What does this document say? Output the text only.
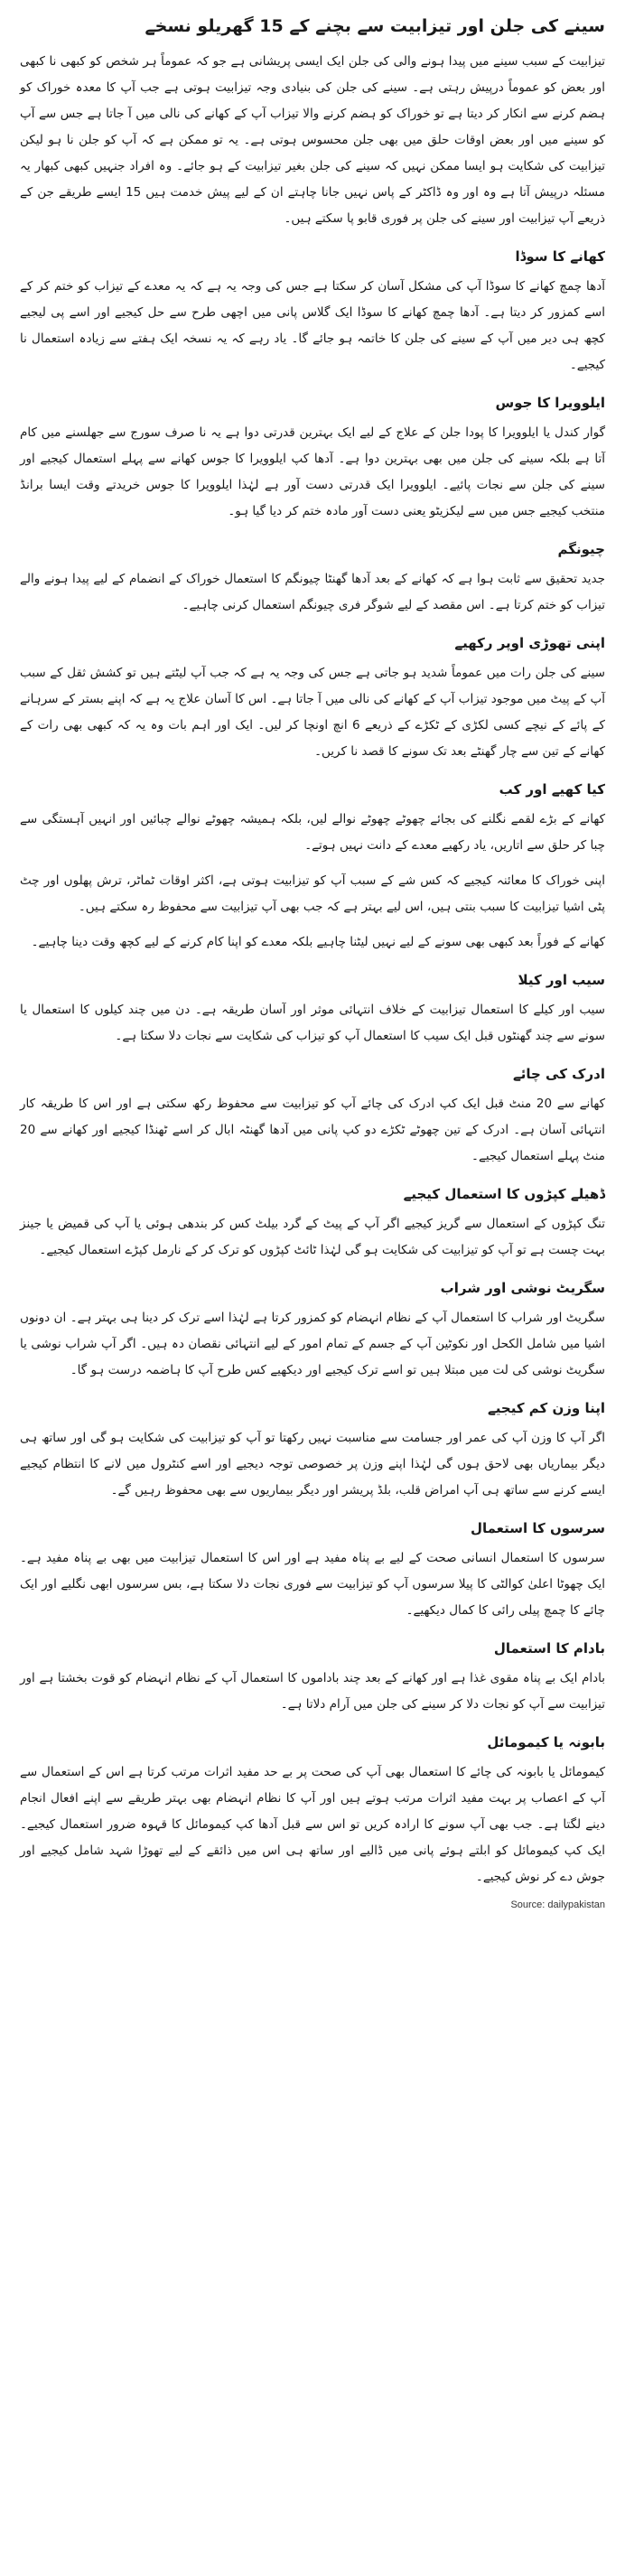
سینے کی جلن اور تیزابیت سے بچنے کے 15 گھریلو نسخے

تیزابیت کے سبب سینے میں پیدا ہونے والی کی جلن ایک ایسی پریشانی ہے جو کہ عموماً ہر شخص کو کبھی نا کبھی اور بعض کو عموماً درپیش رہتی ہے۔ سینے کی جلن کی بنیادی وجہ تیزابیت ہوتی ہے جب آپ کا معدہ خوراک کو ہضم کرنے سے انکار کر دیتا ہے تو خوراک کو ہضم کرنے والا تیزاب آپ کے کھانے کی نالی میں آ جاتا ہے جس سے آپ کو سینے میں اور بعض اوقات حلق میں بھی جلن محسوس ہوتی ہے۔ یہ تو ممکن ہے کہ آپ کو جلن نا ہو لیکن تیزابیت کی شکایت ہو ایسا ممکن نہیں کہ سینے کی جلن بغیر تیزابیت کے ہو جائے۔ وہ افراد جنہیں کبھی کبھار یہ مسئلہ درپیش آتا ہے وہ اور وہ ڈاکٹر کے پاس نہیں جانا چاہتے ان کے لیے پیش خدمت ہیں 15 ایسے طریقے جن کے ذریعے آپ تیزابیت اور سینے کی جلن پر فوری قابو پا سکتے ہیں۔

کھانے کا سوڈا

آدھا چمچ کھانے کا سوڈا آپ کی مشکل آسان کر سکتا ہے جس کی وجہ یہ ہے کہ یہ معدے کے تیزاب کو ختم کر کے اسے کمزور کر دیتا ہے۔ آدھا چمچ کھانے کا سوڈا ایک گلاس پانی میں اچھی طرح سے حل کیجیے اور اسے پی لیجیے کچھ ہی دیر میں آپ کے سینے کی جلن کا خاتمہ ہو جائے گا۔ یاد رہے کہ یہ نسخہ ایک ہفتے سے زیادہ استعمال نا کیجیے۔

ایلوویرا کا جوس

گوار کندل یا ایلوویرا کا پودا جلن کے علاج کے لیے ایک بہترین قدرتی دوا ہے یہ نا صرف سورج سے جھلسنے میں کام آتا ہے بلکہ سینے کی جلن میں بھی بہترین دوا ہے۔ آدھا کپ ایلوویرا کا جوس کھانے سے پہلے استعمال کیجیے اور سینے کی جلن سے نجات پائیے۔ ایلوویرا ایک قدرتی دست آور ہے لہٰذا ایلوویرا کا جوس خریدتے وقت ایسا برانڈ منتخب کیجیے جس میں سے لیکزیٹو یعنی دست آور مادہ ختم کر دیا گیا ہو۔

چیونگم

جدید تحقیق سے ثابت ہوا ہے کہ کھانے کے بعد آدھا گھنٹا چیونگم کا استعمال خوراک کے انضمام کے لیے پیدا ہونے والے تیزاب کو ختم کرتا ہے۔ اس مقصد کے لیے شوگر فری چیونگم استعمال کرنی چاہیے۔

اپنی تھوڑی اوپر رکھیے

سینے کی جلن رات میں عموماً شدید ہو جاتی ہے جس کی وجہ یہ ہے کہ جب آپ لیٹتے ہیں تو کشش ثقل کے سبب آپ کے پیٹ میں موجود تیزاب آپ کے کھانے کی نالی میں آ جاتا ہے۔ اس کا آسان علاج یہ ہے کہ اپنے بستر کے سرہانے کے پائے کے نیچے کسی لکڑی کے ٹکڑے کے ذریعے 6 انچ اونچا کر لیں۔ ایک اور اہم بات وہ یہ کہ کبھی بھی رات کے کھانے کے تین سے چار گھنٹے بعد تک سونے کا قصد نا کریں۔

کیا کھیے اور کب

کھانے کے بڑے لقمے نگلنے کی بجائے چھوٹے چھوٹے نوالے لیں، بلکہ ہمیشہ چھوٹے نوالے چبائیں اور انہیں آہستگی سے چبا کر حلق سے اتاریں، یاد رکھیے معدے کے دانت نہیں ہوتے۔

اپنی خوراک کا معائنہ کیجیے کہ کس شے کے سبب آپ کو تیزابیت ہوتی ہے، اکثر اوقات ٹماٹر، ترش پھلوں اور چٹ پٹی اشیا تیزابیت کا سبب بنتی ہیں، اس لیے بہتر ہے کہ جب بھی آپ تیزابیت سے محفوظ رہ سکتے ہیں۔

کھانے کے فوراً بعد کبھی بھی سونے کے لیے نہیں لیٹنا چاہیے بلکہ معدے کو اپنا کام کرنے کے لیے کچھ وقت دینا چاہیے۔

سیب اور کیلا

سیب اور کیلے کا استعمال تیزابیت کے خلاف انتہائی موثر اور آسان طریقہ ہے۔ دن میں چند کیلوں کا استعمال یا سونے سے چند گھنٹوں قبل ایک سیب کا استعمال آپ کو تیزاب کی شکایت سے نجات دلا سکتا ہے۔

ادرک کی چائے

کھانے سے 20 منٹ قبل ایک کپ ادرک کی چائے آپ کو تیزابیت سے محفوظ رکھ سکتی ہے اور اس کا طریقہ کار انتہائی آسان ہے۔ ادرک کے تین چھوٹے ٹکڑے دو کپ پانی میں آدھا گھنٹہ ابال کر اسے ٹھنڈا کیجیے اور کھانے سے 20 منٹ پہلے استعمال کیجیے۔

ڈھیلے کپڑوں کا استعمال کیجیے

تنگ کپڑوں کے استعمال سے گریز کیجیے اگر آپ کے پیٹ کے گرد بیلٹ کس کر بندھی ہوئی یا آپ کی قمیض یا جینز بہت چست ہے تو آپ کو تیزابیت کی شکایت ہو گی لہٰذا ٹائٹ کپڑوں کو ترک کر کے نارمل کپڑے استعمال کیجیے۔

سگریٹ نوشی اور شراب

سگریٹ اور شراب کا استعمال آپ کے نظام انہضام کو کمزور کرتا ہے لہٰذا اسے ترک کر دینا ہی بہتر ہے۔ ان دونوں اشیا میں شامل الکحل اور نکوٹین آپ کے جسم کے تمام امور کے لیے انتہائی نقصان دہ ہیں۔ اگر آپ شراب نوشی یا سگریٹ نوشی کی لت میں مبتلا ہیں تو اسے ترک کیجیے اور دیکھیے کس طرح آپ کا ہاضمہ درست ہو گا۔

اپنا وزن کم کیجیے

اگر آپ کا وزن آپ کی عمر اور جسامت سے مناسبت نہیں رکھتا تو آپ کو تیزابیت کی شکایت ہو گی اور ساتھ ہی دیگر بیماریاں بھی لاحق ہوں گی لہٰذا اپنے وزن پر خصوصی توجہ دیجیے اور اسے کنٹرول میں لانے کا انتظام کیجیے ایسے کرنے سے ساتھ ہی آپ امراض قلب، بلڈ پریشر اور دیگر بیماریوں سے بھی محفوظ رہیں گے۔

سرسوں کا استعمال

سرسوں کا استعمال انسانی صحت کے لیے بے پناہ مفید ہے اور اس کا استعمال تیزابیت میں بھی بے پناہ مفید ہے۔ ایک چھوٹا اعلیٰ کوالٹی کا پیلا سرسوں آپ کو تیزابیت سے فوری نجات دلا سکتا ہے، بس سرسوں ابھی نگلیے اور ایک چائے کا چمچ پیلی رائی کا کمال دیکھیے۔

بادام کا استعمال

بادام ایک بے پناہ مقوی غذا ہے اور کھانے کے بعد چند باداموں کا استعمال آپ کے نظام انہضام کو قوت بخشتا ہے اور تیزابیت سے آپ کو نجات دلا کر سینے کی جلن میں آرام دلاتا ہے۔

بابونہ یا کیمومائل

کیمومائل یا بابونہ کی چائے کا استعمال بھی آپ کی صحت پر بے حد مفید اثرات مرتب کرتا ہے اس کے استعمال سے آپ کے اعصاب پر بہت مفید اثرات مرتب ہوتے ہیں اور آپ کا نظام انہضام بھی بہتر طریقے سے اپنے افعال انجام دینے لگتا ہے۔ جب بھی آپ سونے کا ارادہ کریں تو اس سے قبل آدھا کپ کیمومائل کا قہوہ ضرور استعمال کیجیے۔ ایک کپ کیمومائل کو ابلتے ہوئے پانی میں ڈالیے اور ساتھ ہی اس میں ذائقے کے لیے تھوڑا شہد شامل کیجیے اور جوش دے کر نوش کیجیے۔

Source: dailypakistan
